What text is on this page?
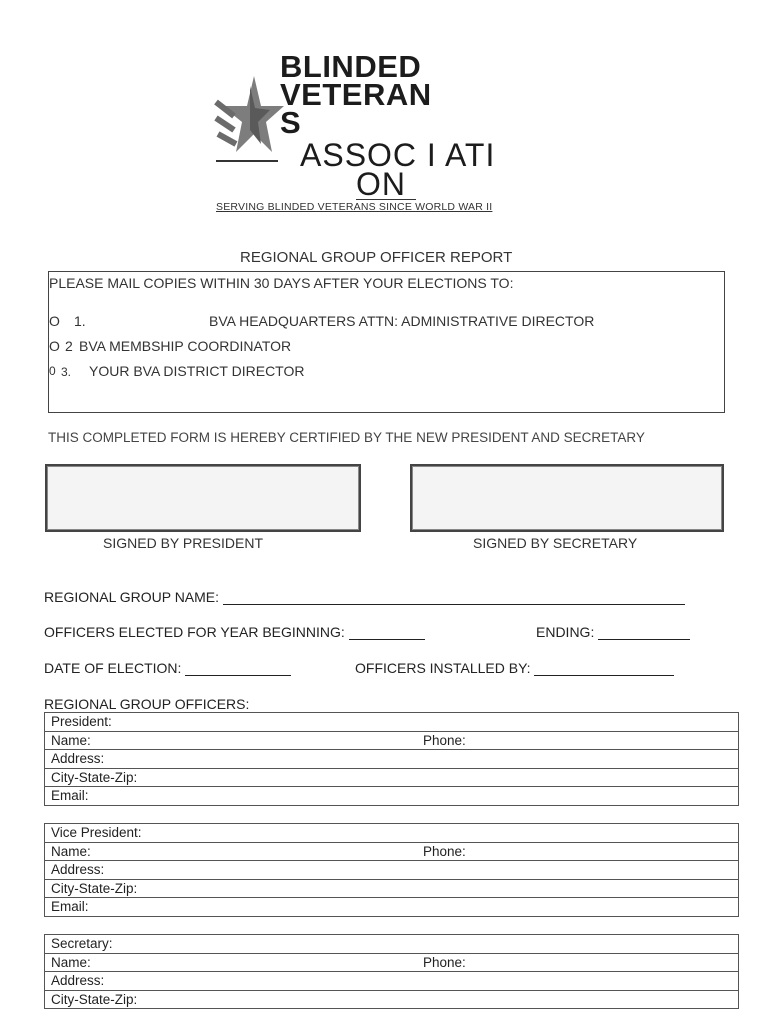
BLINDED
VETERAN
S
ASSOC I ATI
ON
SERVING BLINDED VETERANS SINCE WORLD WAR II
REGIONAL GROUP OFFICER REPORT
PLEASE MAIL COPIES WITHIN 30 DAYS AFTER YOUR ELECTIONS TO:
O 1.	BVA HEADQUARTERS ATTN: ADMINISTRATIVE DIRECTOR
O 2 BVA MEMBSHIP COORDINATOR
0 3. YOUR BVA DISTRICT DIRECTOR
THIS COMPLETED FORM IS HEREBY CERTIFIED BY THE NEW PRESIDENT AND SECRETARY
SIGNED BY PRESIDENT	SIGNED BY SECRETARY
REGIONAL GROUP NAME:
OFFICERS ELECTED FOR YEAR BEGINNING:	ENDING:
DATE OF ELECTION:	OFFICERS INSTALLED BY:
REGIONAL GROUP OFFICERS:
President:
Name:	Phone:
Address:
City-State-Zip:
Email:
Vice President:
Name:	Phone:
Address:
City-State-Zip:
Email:
Secretary:
Name:	Phone:
Address:
City-State-Zip:
